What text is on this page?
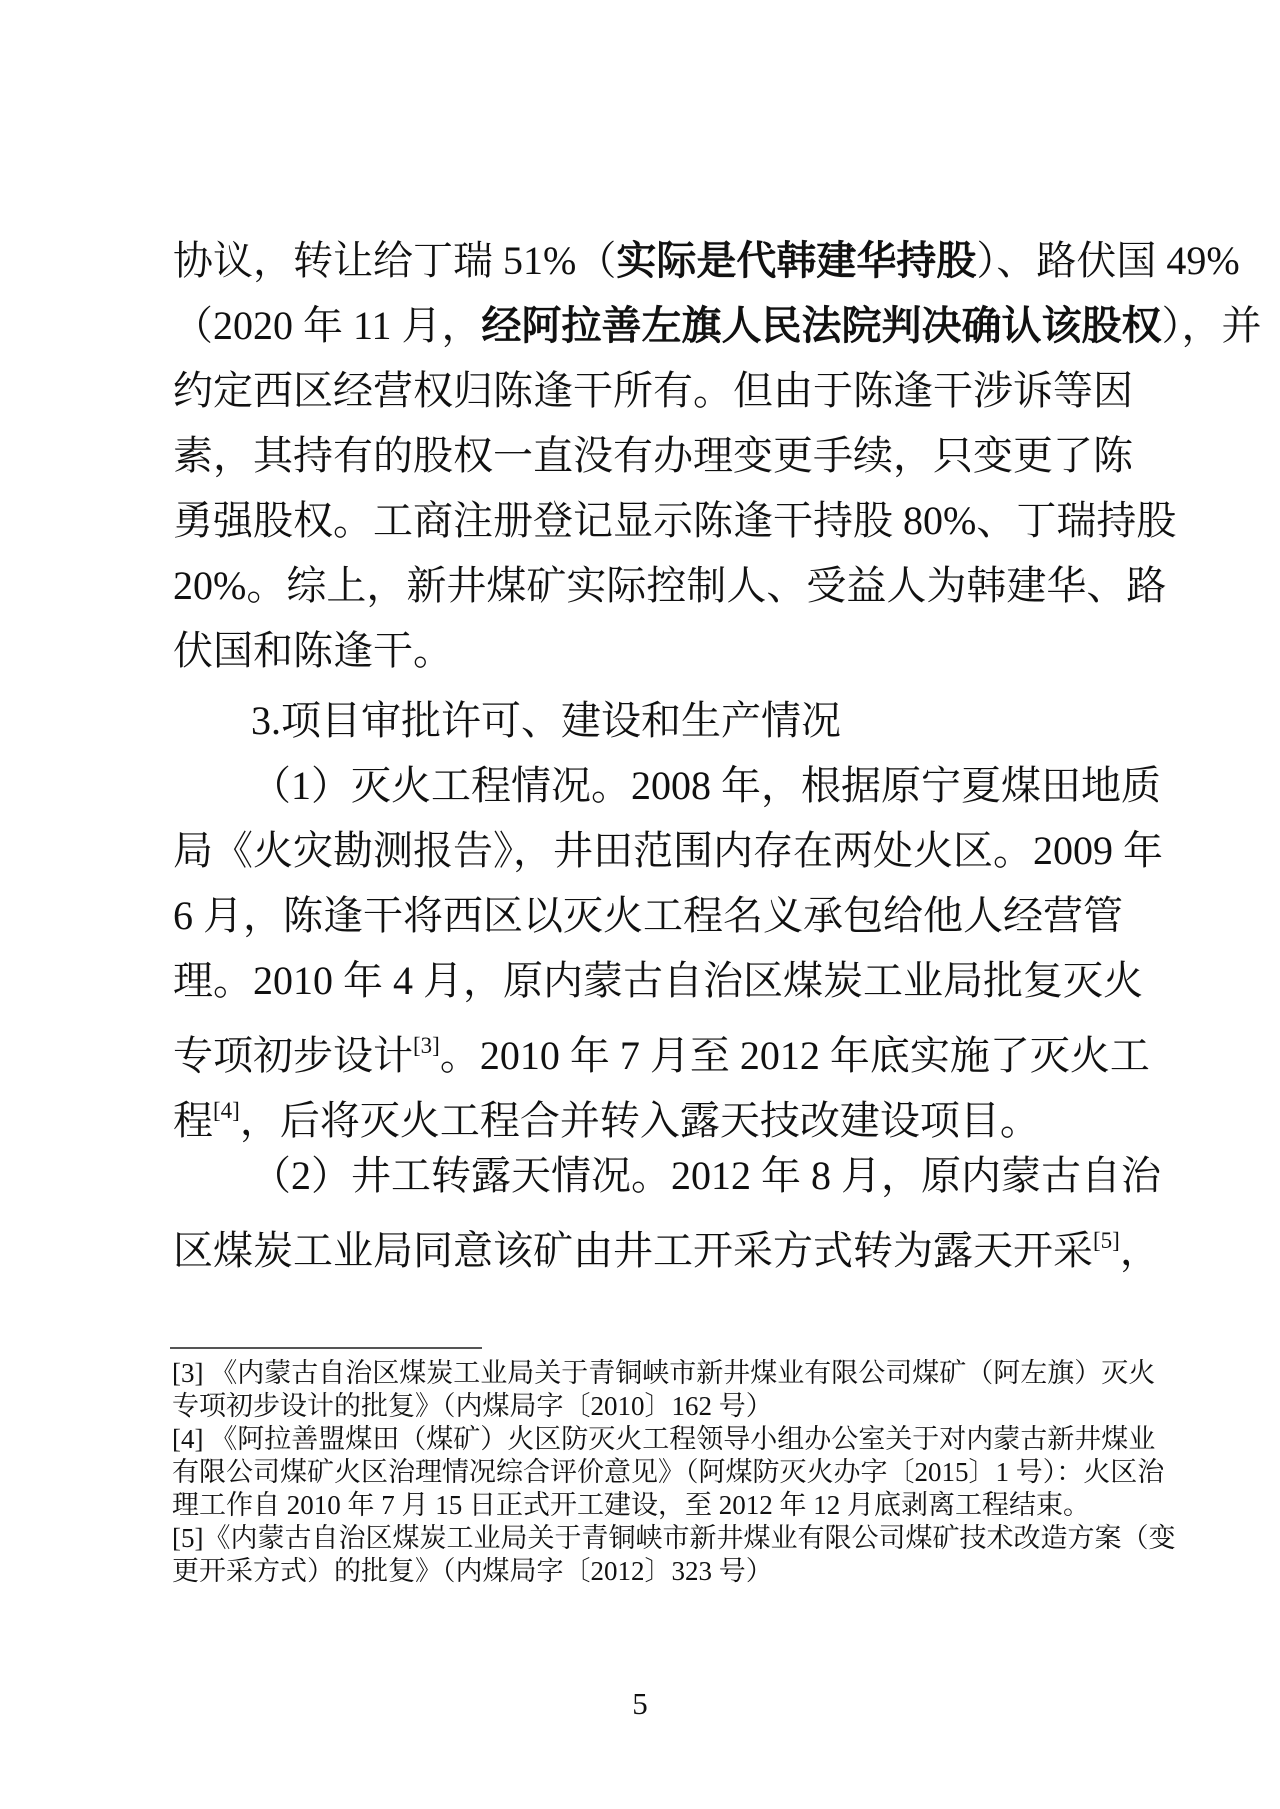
协议，转让给丁瑞 51%（实际是代韩建华持股）、路伏国 49%
（2020 年 11 月，经阿拉善左旗人民法院判决确认该股权），并
约定西区经营权归陈逢干所有。但由于陈逢干涉诉等因
素，其持有的股权一直没有办理变更手续，只变更了陈
勇强股权。工商注册登记显示陈逢干持股 80%、丁瑞持股
20%。综上，新井煤矿实际控制人、受益人为韩建华、路
伏国和陈逢干。
3.项目审批许可、建设和生产情况
（1）灭火工程情况。2008 年，根据原宁夏煤田地质
局《火灾勘测报告》，井田范围内存在两处火区。2009 年
6 月，陈逢干将西区以灭火工程名义承包给他人经营管
理。2010 年 4 月，原内蒙古自治区煤炭工业局批复灭火
专项初步设计[3]。2010 年 7 月至 2012 年底实施了灭火工
程[4]，后将灭火工程合并转入露天技改建设项目。
（2）井工转露天情况。2012 年 8 月，原内蒙古自治
区煤炭工业局同意该矿由井工开采方式转为露天开采[5]，
[3] 《内蒙古自治区煤炭工业局关于青铜峡市新井煤业有限公司煤矿（阿左旗）灭火
专项初步设计的批复》（内煤局字〔2010〕162 号）
[4] 《阿拉善盟煤田（煤矿）火区防灭火工程领导小组办公室关于对内蒙古新井煤业
有限公司煤矿火区治理情况综合评价意见》（阿煤防灭火办字〔2015〕1 号）：火区治
理工作自 2010 年 7 月 15 日正式开工建设，至 2012 年 12 月底剥离工程结束。
[5]《内蒙古自治区煤炭工业局关于青铜峡市新井煤业有限公司煤矿技术改造方案（变
更开采方式）的批复》（内煤局字〔2012〕323 号）
5
